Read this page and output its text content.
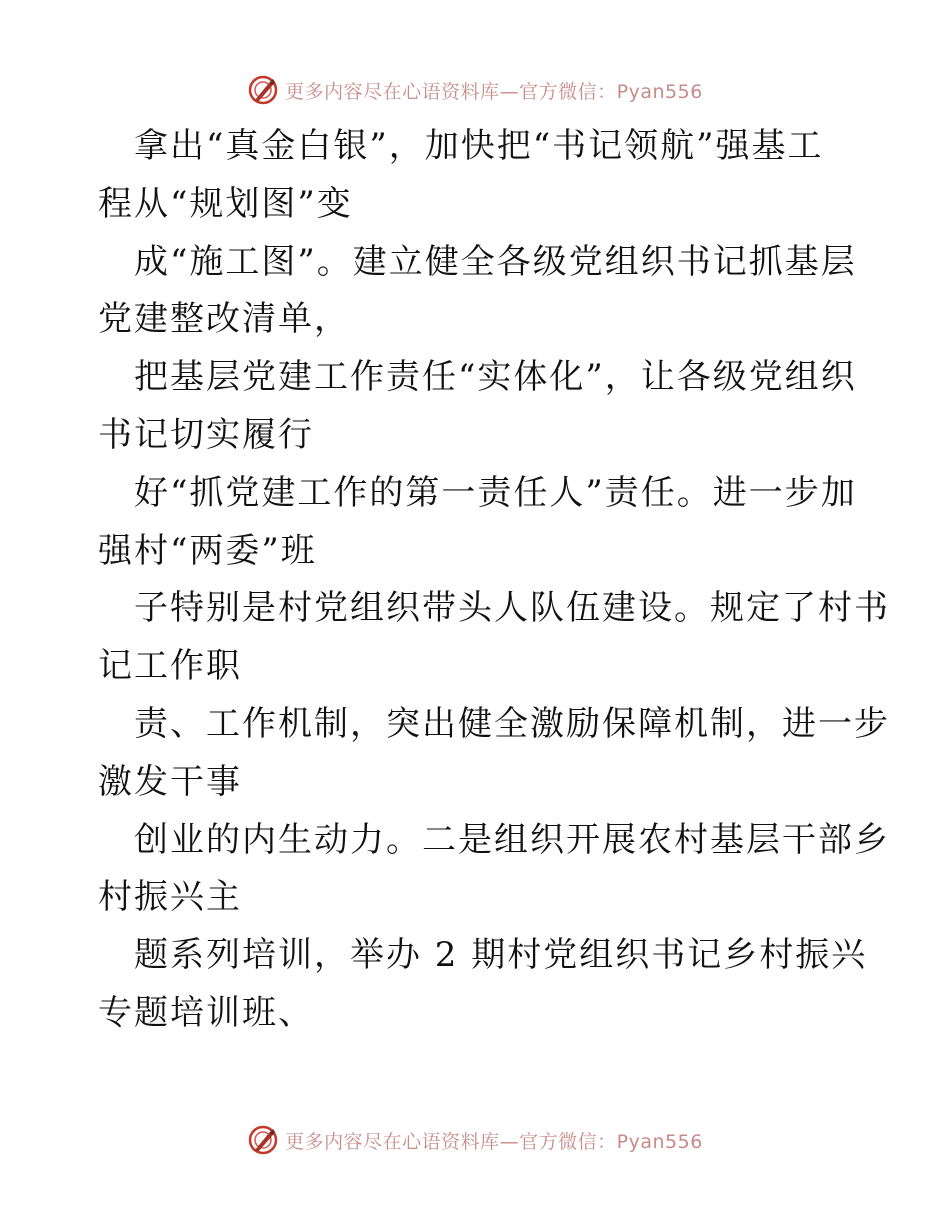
更多内容尽在心语资料库—官方微信：Pyan556
拿出“真金白银”，加快把“书记领航”强基工
程从“规划图”变
成“施工图”。建立健全各级党组织书记抓基层
党建整改清单，
把基层党建工作责任“实体化”，让各级党组织
书记切实履行
好“抓党建工作的第一责任人”责任。进一步加
强村“两委”班
子特别是村党组织带头人队伍建设。规定了村书
记工作职
责、工作机制，突出健全激励保障机制，进一步
激发干事
创业的内生动力。二是组织开展农村基层干部乡
村振兴主
题系列培训，举办 2 期村党组织书记乡村振兴
专题培训班、
更多内容尽在心语资料库—官方微信：Pyan556
